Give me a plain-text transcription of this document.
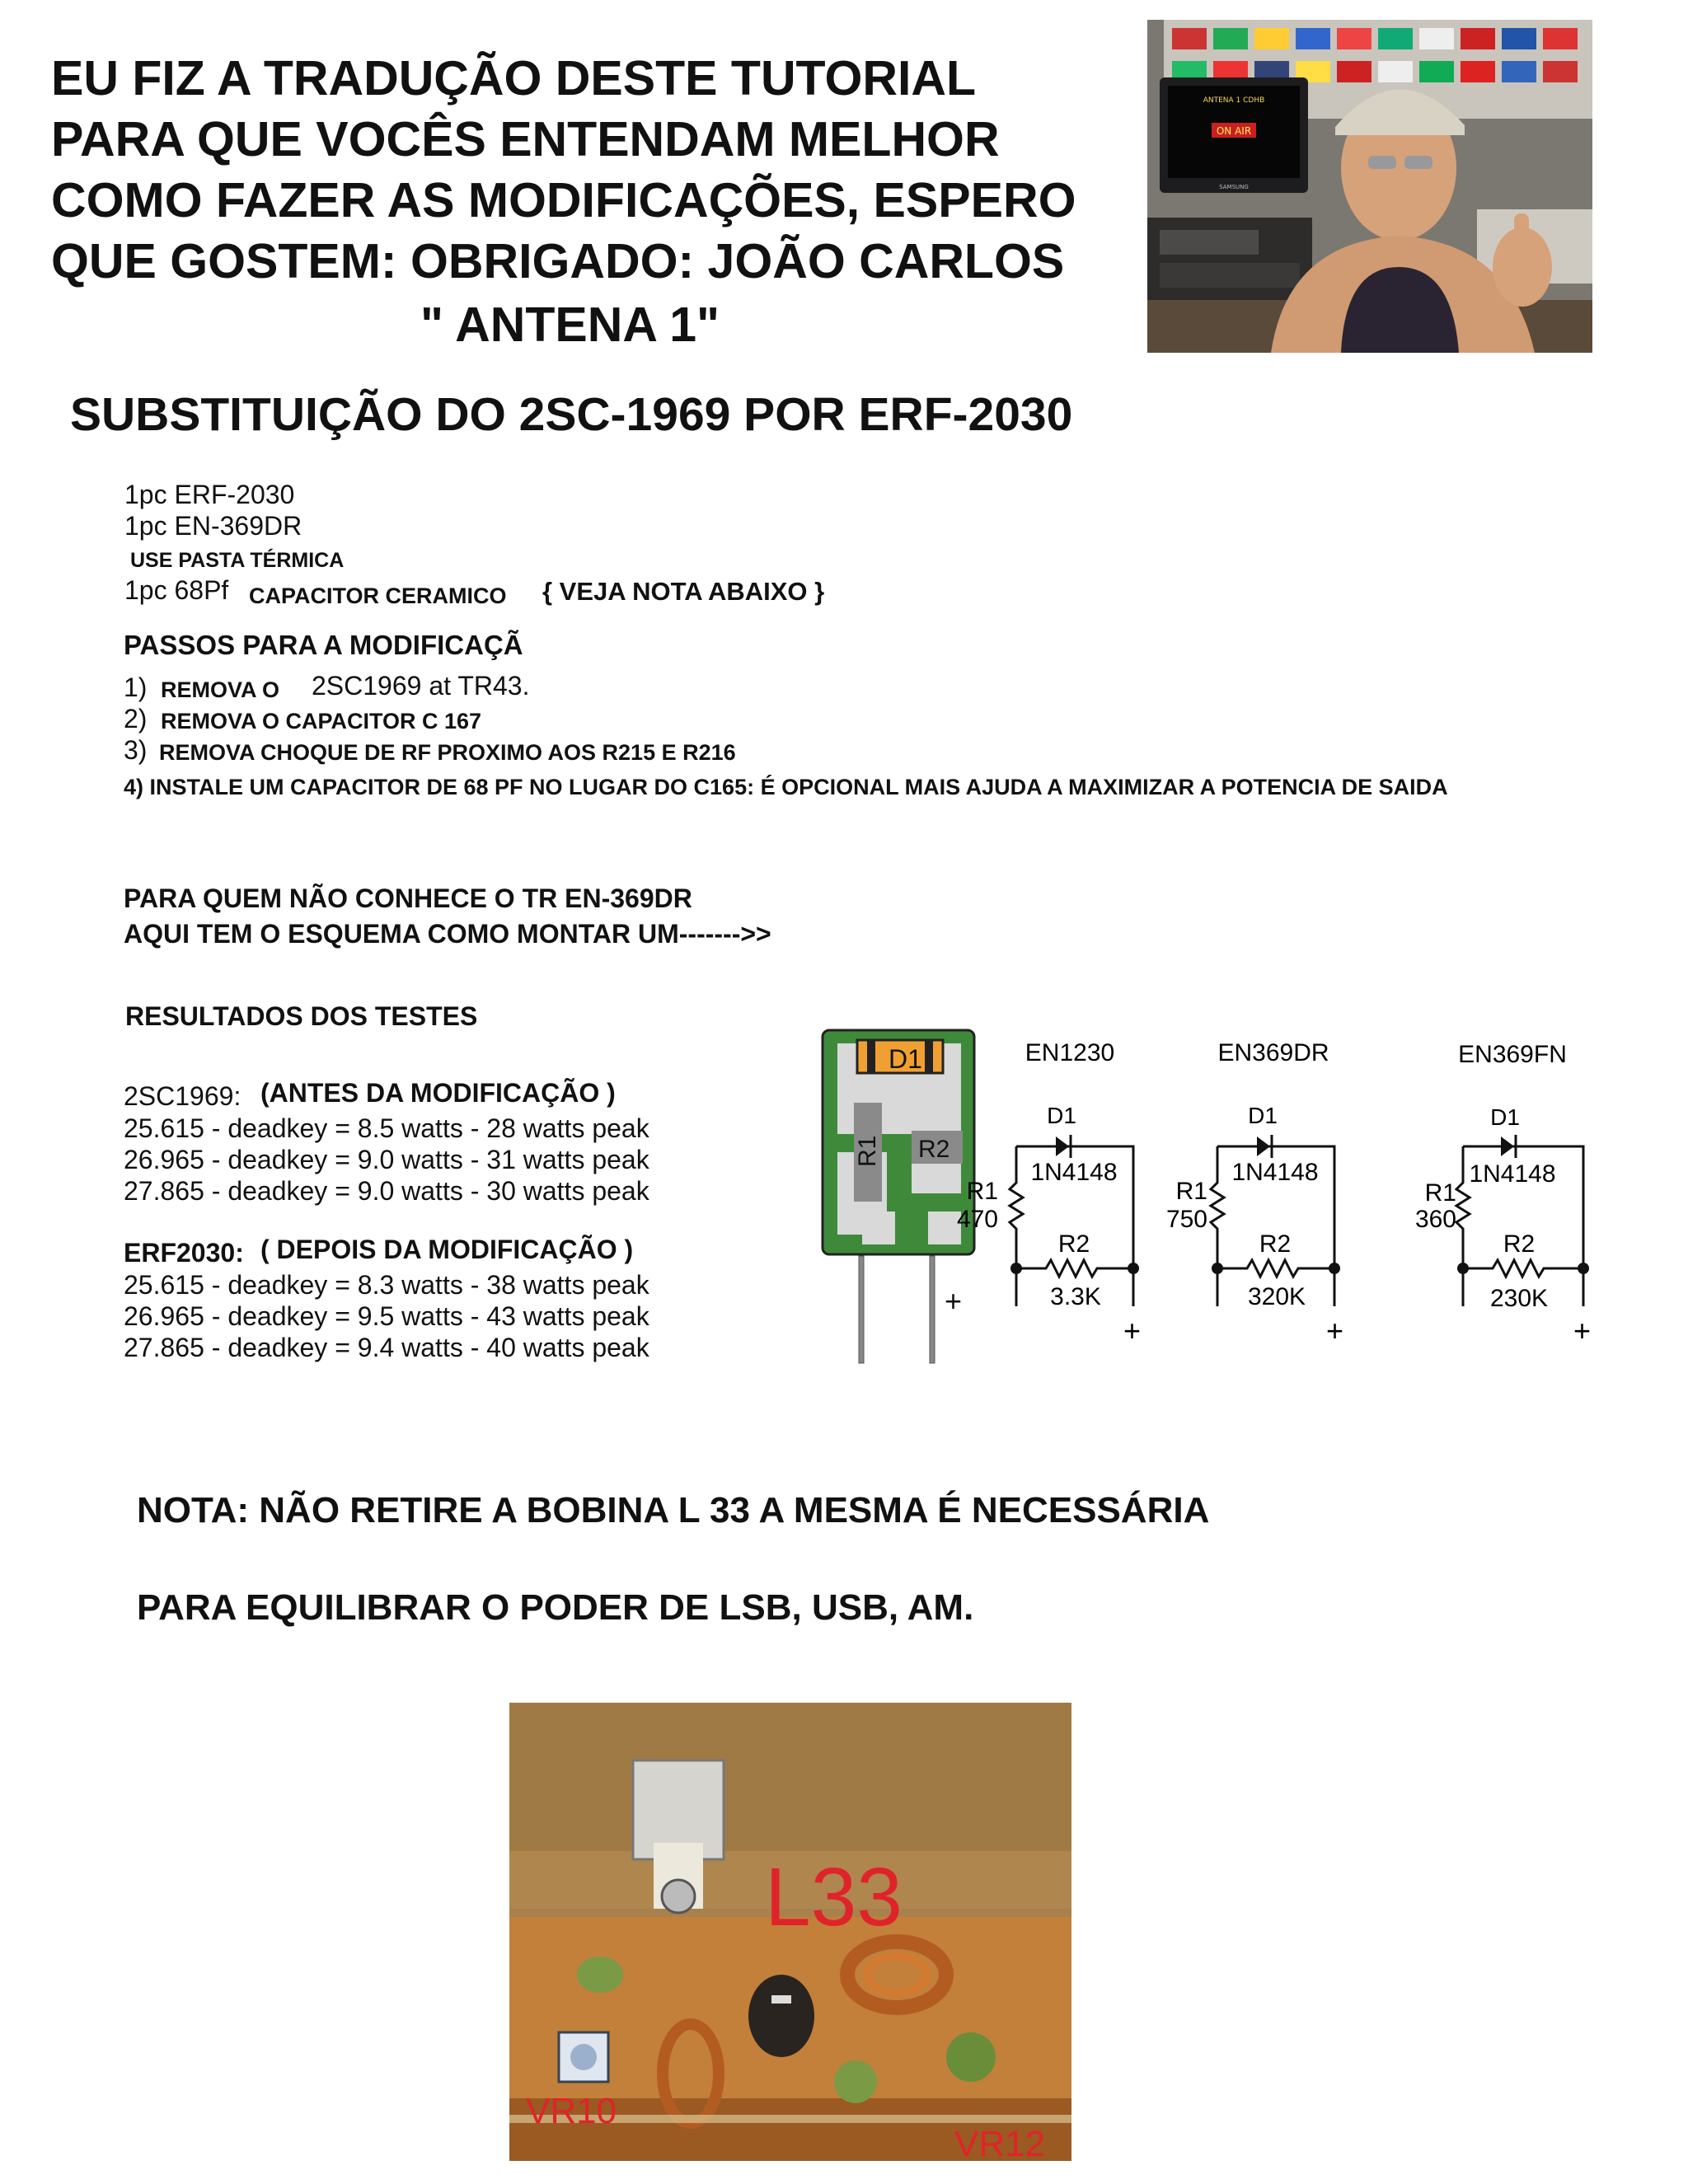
EU FIZ A TRADUÇÃO DESTE TUTORIAL
PARA QUE VOCÊS ENTENDAM MELHOR
COMO FAZER AS MODIFICAÇÕES, ESPERO
QUE GOSTEM: OBRIGADO: JOÃO CARLOS
" ANTENA 1"
ANTENA 1 CDHB
ON AIR
SAMSUNG
SUBSTITUIÇÃO DO 2SC-1969 POR ERF-2030
1pc ERF-2030
1pc EN-369DR
USE PASTA TÉRMICA
1pc 68Pf CAPACITOR CERAMICO { VEJA NOTA ABAIXO }
PASSOS PARA A MODIFICAÇÃ
1) REMOVA O 2SC1969 at TR43.
2) REMOVA O CAPACITOR C 167
3) REMOVA CHOQUE DE RF PROXIMO AOS R215 E R216
4) INSTALE UM CAPACITOR DE 68 PF NO LUGAR DO C165: É OPCIONAL MAIS AJUDA A MAXIMIZAR A POTENCIA DE SAIDA
PARA QUEM NÃO CONHECE O TR EN-369DR
AQUI TEM O ESQUEMA COMO MONTAR UM------->>
RESULTADOS DOS TESTES
2SC1969: (ANTES DA MODIFICAÇÃO )
25.615 - deadkey = 8.5 watts - 28 watts peak
26.965 - deadkey = 9.0 watts - 31 watts peak
27.865 - deadkey = 9.0 watts - 30 watts peak
ERF2030: ( DEPOIS DA MODIFICAÇÃO )
25.615 - deadkey = 8.3 watts - 38 watts peak
26.965 - deadkey = 9.5 watts - 43 watts peak
27.865 - deadkey = 9.4 watts - 40 watts peak
D1
R1 R2
+
EN1230
D1
1N4148
R1
470
R2
3.3K
+
EN369DR
D1
1N4148
R1
750
R2
320K
+
EN369FN
D1
1N4148
R1
360
R2
230K
+
NOTA: NÃO RETIRE A BOBINA L 33 A MESMA É NECESSÁRIA
PARA EQUILIBRAR O PODER DE LSB, USB, AM.
L33
VR10
VR12
